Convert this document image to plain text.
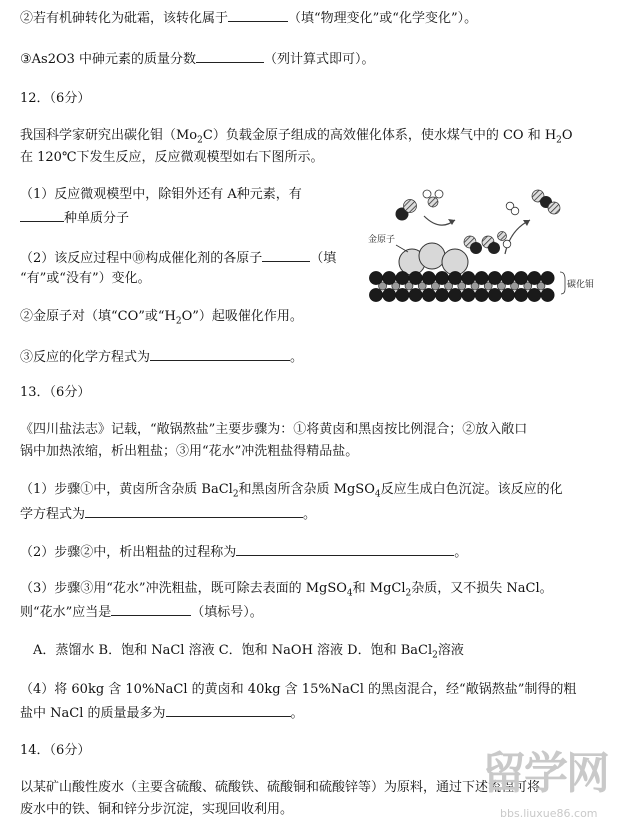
②若有机砷转化为砒霜，该转化属于	（填“物理变化”或“化学变化”）。
③As2O3 中砷元素的质量分数	（列计算式即可）。
12．（6分）
我国科学家研究出碳化钼$(Mo_2C)$负载金原子组成的高效催化体系，使水煤气中的 CO 和 $H_2O$
在 120℃下发生反应，反应微观模型如右下图所示。
（1）反应微观模型中，除钼外还有 A种元素，有
种单质分子
（2）该反应过程中⑩构成催化剂的各原子	（填
“有”或“没有”）变化。
②金原子对（填“CO”或“$H_2O$”）起吸催化作用。
③反应的化学方程式为	。
金原子
碳化钼
13．（6分）
《四川盐法志》记载，“敞锅熬盐”主要步骤为：①将黄卤和黑卤按比例混合；②放入敞口
锅中加热浓缩，析出粗盐；③用“花水”冲洗粗盐得精品盐。
（1）步骤①中，黄卤所含杂质 BaCl$_2$和黑卤所含杂质 MgSO$_4$反应生成白色沉淀。该反应的化
学方程式为	。
（2）步骤②中，析出粗盐的过程称为	。
（3）步骤③用“花水”冲洗粗盐，既可除去表面的 MgSO$_4$和 MgCl$_2$杂质，又不损失 NaCl。
则“花水”应当是	（填标号）。
A．蒸馏水 B．饱和 NaCl 溶液 C．饱和 NaOH 溶液 D．饱和 BaCl$_2$溶液
（4）将 60kg 含 10%NaCl 的黄卤和 40kg 含 15%NaCl 的黑卤混合，经“敞锅熬盐”制得的粗
盐中 NaCl 的质量最多为	。
14．（6分）
以某矿山酸性废水（主要含硫酸、硫酸铁、硫酸铜和硫酸锌等）为原料，通过下述流程可将
废水中的铁、铜和锌分步沉淀，实现回收利用。
留学网
bbs.liuxue86.com
